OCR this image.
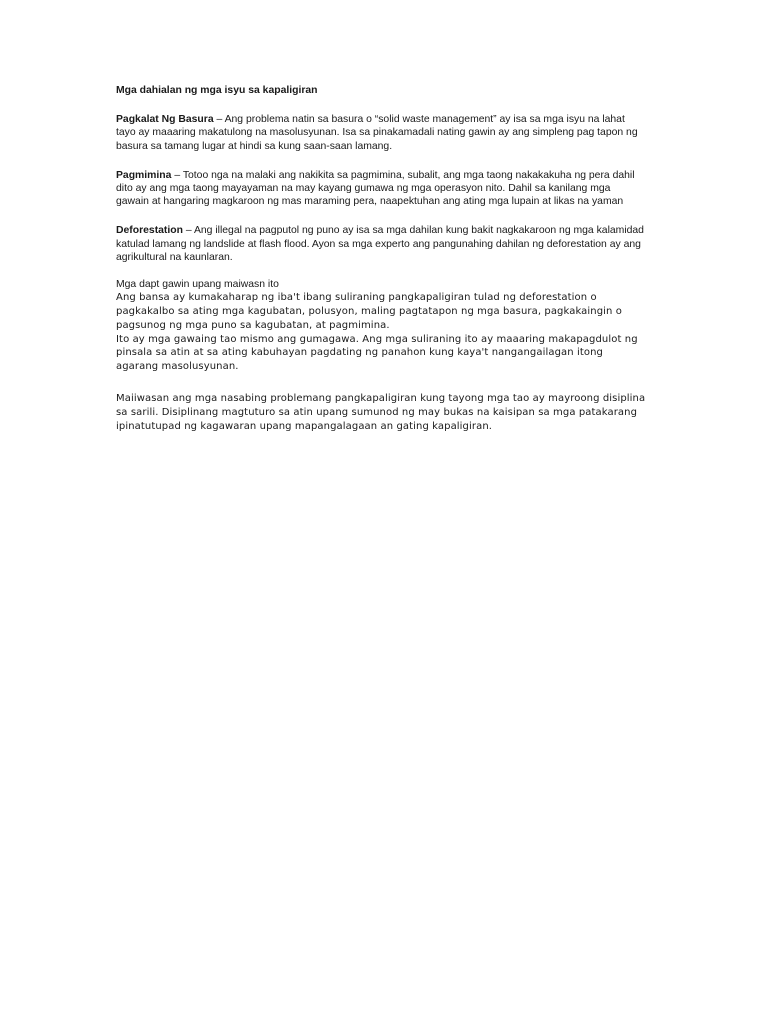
Mga dahialan ng mga isyu sa kapaligiran

Pagkalat Ng Basura – Ang problema natin sa basura o “solid waste management” ay isa sa mga isyu na lahat tayo ay maaaring makatulong na masolusyunan. Isa sa pinakamadali nating gawin ay ang simpleng pag tapon ng basura sa tamang lugar at hindi sa kung saan-saan lamang.

Pagmimina – Totoo nga na malaki ang nakikita sa pagmimina, subalit, ang mga taong nakakakuha ng pera dahil dito ay ang mga taong mayayaman na may kayang gumawa ng mga operasyon nito. Dahil sa kanilang mga gawain at hangaring magkaroon ng mas maraming pera, naapektuhan ang ating mga lupain at likas na yaman

Deforestation – Ang illegal na pagputol ng puno ay isa sa mga dahilan kung bakit nagkakaroon ng mga kalamidad katulad lamang ng landslide at flash flood. Ayon sa mga experto ang pangunahing dahilan ng deforestation ay ang agrikultural na kaunlaran.

Mga dapt gawin upang maiwasn ito
Ang bansa ay kumakaharap ng iba't ibang suliraning pangkapaligiran tulad ng deforestation o pagkakalbo sa ating mga kagubatan, polusyon, maling pagtatapon ng mga basura, pagkakaingin o pagsunog ng mga puno sa kagubatan, at pagmimina.
Ito ay mga gawaing tao mismo ang gumagawa. Ang mga suliraning ito ay maaaring makapagdulot ng pinsala sa atin at sa ating kabuhayan pagdating ng panahon kung kaya't nangangailagan itong agarang masolusyunan.
Maiiwasan ang mga nasabing problemang pangkapaligiran kung tayong mga tao ay mayroong disiplina sa sarili. Disiplinang magtuturo sa atin upang sumunod ng may bukas na kaisipan sa mga patakarang ipinatutupad ng kagawaran upang mapangalagaan an gating kapaligiran.
